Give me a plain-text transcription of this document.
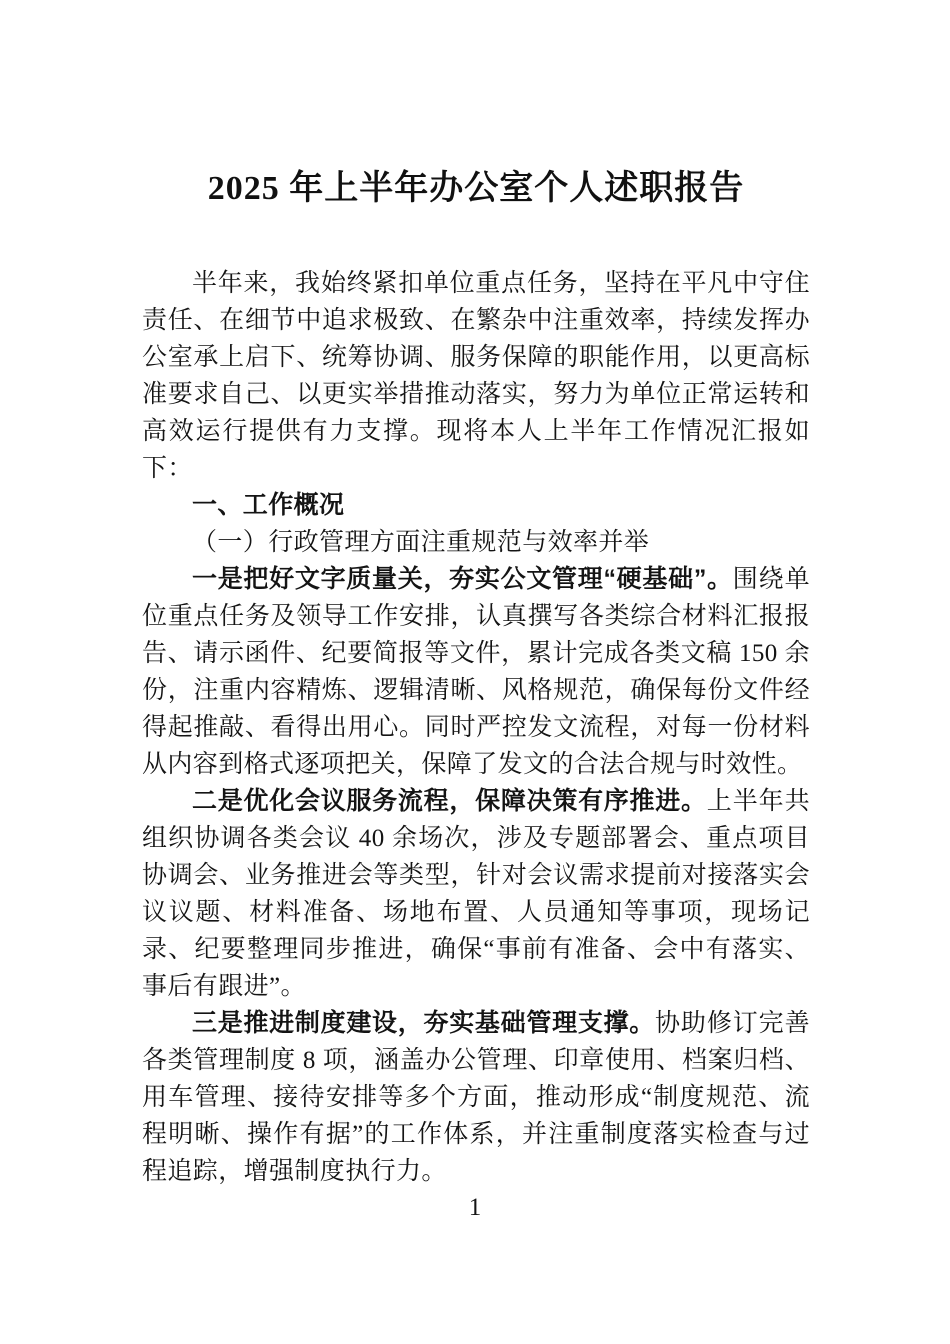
2025 年上半年办公室个人述职报告

半年来，我始终紧扣单位重点任务，坚持在平凡中守住责任、在细节中追求极致、在繁杂中注重效率，持续发挥办公室承上启下、统筹协调、服务保障的职能作用，以更高标准要求自己、以更实举措推动落实，努力为单位正常运转和高效运行提供有力支撑。现将本人上半年工作情况汇报如下：

一、工作概况

（一）行政管理方面注重规范与效率并举

一是把好文字质量关，夯实公文管理“硬基础”。围绕单位重点任务及领导工作安排，认真撰写各类综合材料汇报报告、请示函件、纪要简报等文件，累计完成各类文稿 150 余份，注重内容精炼、逻辑清晰、风格规范，确保每份文件经得起推敲、看得出用心。同时严控发文流程，对每一份材料从内容到格式逐项把关，保障了发文的合法合规与时效性。

二是优化会议服务流程，保障决策有序推进。上半年共组织协调各类会议 40 余场次，涉及专题部署会、重点项目协调会、业务推进会等类型，针对会议需求提前对接落实会议议题、材料准备、场地布置、人员通知等事项，现场记录、纪要整理同步推进，确保“事前有准备、会中有落实、事后有跟进”。

三是推进制度建设，夯实基础管理支撑。协助修订完善各类管理制度 8 项，涵盖办公管理、印章使用、档案归档、用车管理、接待安排等多个方面，推动形成“制度规范、流程明晰、操作有据”的工作体系，并注重制度落实检查与过程追踪，增强制度执行力。

1
